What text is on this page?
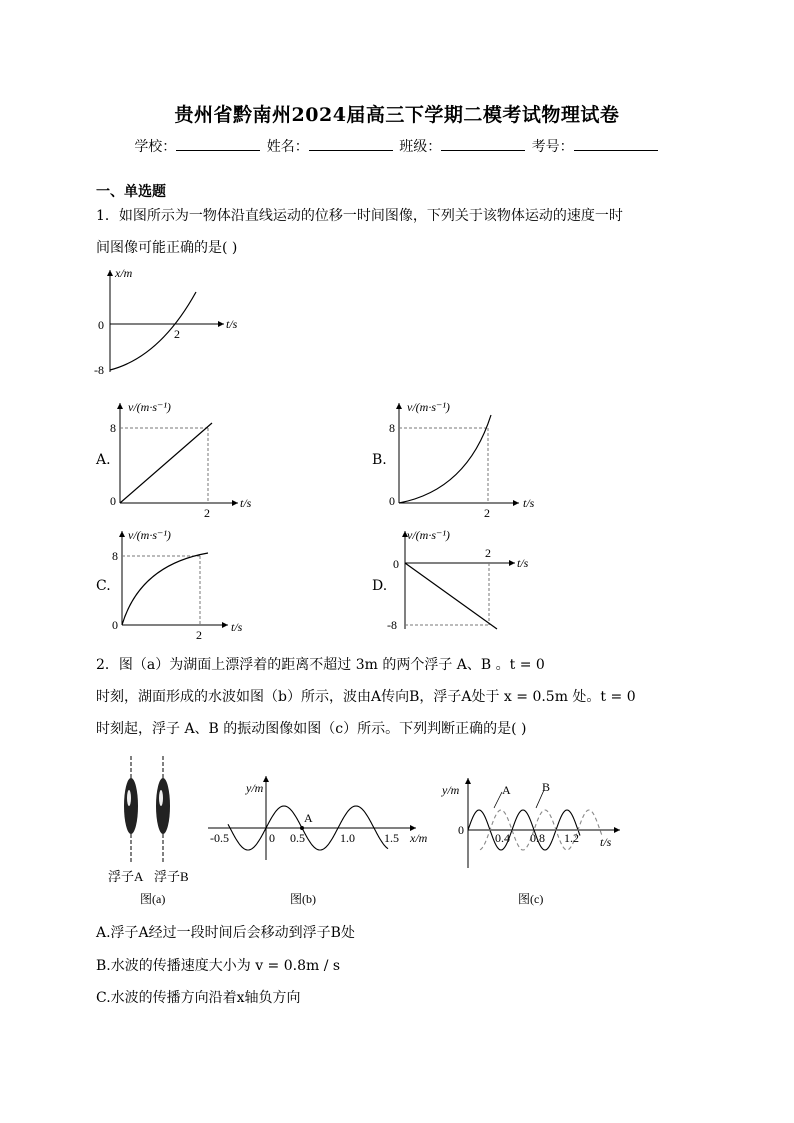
贵州省黔南州2024届高三下学期二模考试物理试卷
学校：	姓名：	班级：	考号：
一、单选题
1．如图所示为一物体沿直线运动的位移一时间图像，下列关于该物体运动的速度一时
间图像可能正确的是( )
x/m
t/s
0
2
-8
A.
v/(m·s⁻¹)
t/s
0
8
2
B.
v/(m·s⁻¹)
t/s
0
8
2
C.
v/(m·s⁻¹)
t/s
0
8
2
D.
v/(m·s⁻¹)
t/s
0
-8
2
2．图（a）为湖面上漂浮着的距离不超过 3m 的两个浮子 A、B 。t = 0
时刻，湖面形成的水波如图（b）所示，波由A传向B，浮子A处于 x = 0.5m 处。t = 0
时刻起，浮子 A、B 的振动图像如图（c）所示。下列判断正确的是( )
浮子A 浮子B
图(a)
y/m
x/m
-0.5	0 0.5	1.0 1.5
A
图(b)
y/m
t/s
0
0.4 0.8 1.2
A	B
图(c)
A.浮子A经过一段时间后会移动到浮子B处
B.水波的传播速度大小为 v = 0.8m / s
C.水波的传播方向沿着x轴负方向
